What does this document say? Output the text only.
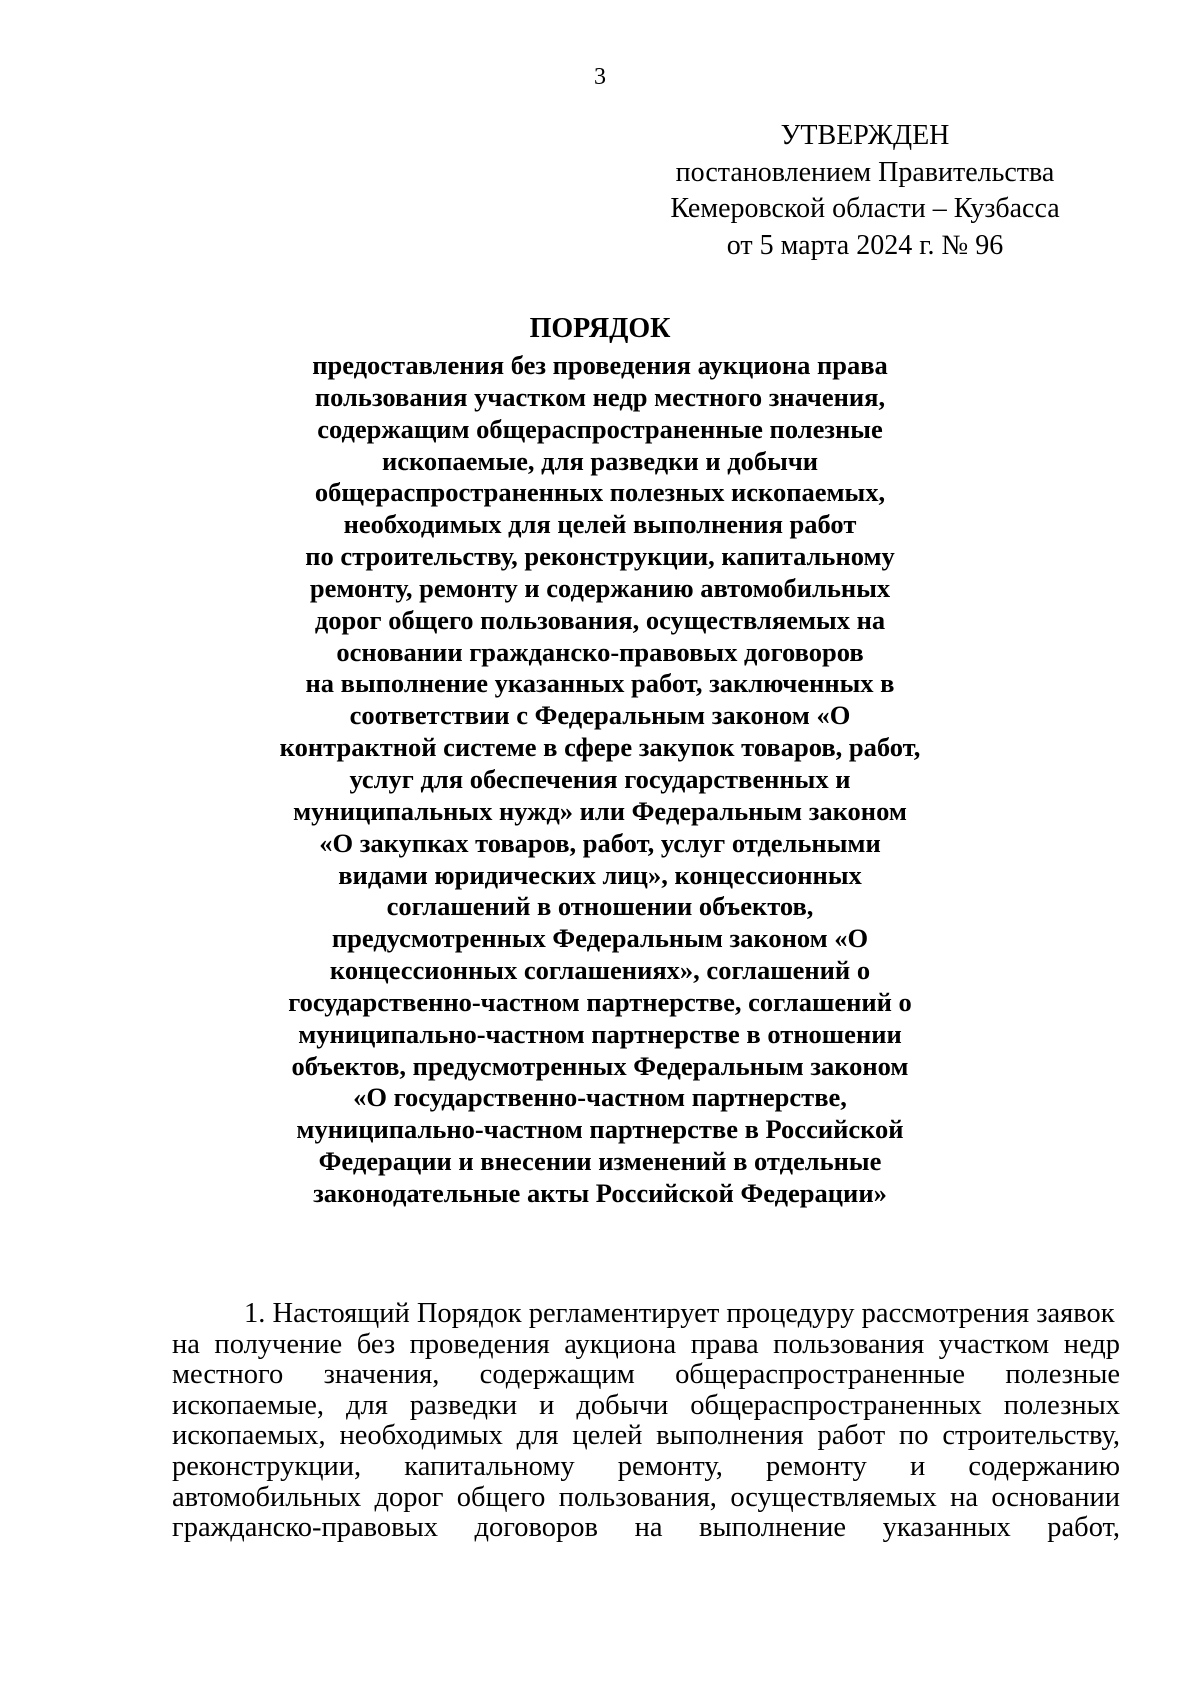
3
УТВЕРЖДЕН
постановлением Правительства
Кемеровской области – Кузбасса
от 5 марта 2024 г. № 96
ПОРЯДОК
предоставления без проведения аукциона права
пользования участком недр местного значения,
содержащим общераспространенные полезные
ископаемые, для разведки и добычи
общераспространенных полезных ископаемых,
необходимых для целей выполнения работ
по строительству, реконструкции, капитальному
ремонту, ремонту и содержанию автомобильных
дорог общего пользования, осуществляемых на
основании гражданско-правовых договоров
на выполнение указанных работ, заключенных в
соответствии с Федеральным законом «О
контрактной системе в сфере закупок товаров, работ,
услуг для обеспечения государственных и
муниципальных нужд» или Федеральным законом
«О закупках товаров, работ, услуг отдельными
видами юридических лиц», концессионных
соглашений в отношении объектов,
предусмотренных Федеральным законом «О
концессионных соглашениях», соглашений о
государственно-частном партнерстве, соглашений о
муниципально-частном партнерстве в отношении
объектов, предусмотренных Федеральным законом
«О государственно-частном партнерстве,
муниципально-частном партнерстве в Российской
Федерации и внесении изменений в отдельные
законодательные акты Российской Федерации»
1. Настоящий Порядок регламентирует процедуру рассмотрения заявок
на получение без проведения аукциона права пользования участком недр
местного значения, содержащим общераспространенные полезные
ископаемые, для разведки и добычи общераспространенных полезных
ископаемых, необходимых для целей выполнения работ по строительству,
реконструкции, капитальному ремонту, ремонту и содержанию
автомобильных дорог общего пользования, осуществляемых на основании
гражданско-правовых договоров на выполнение указанных работ,
